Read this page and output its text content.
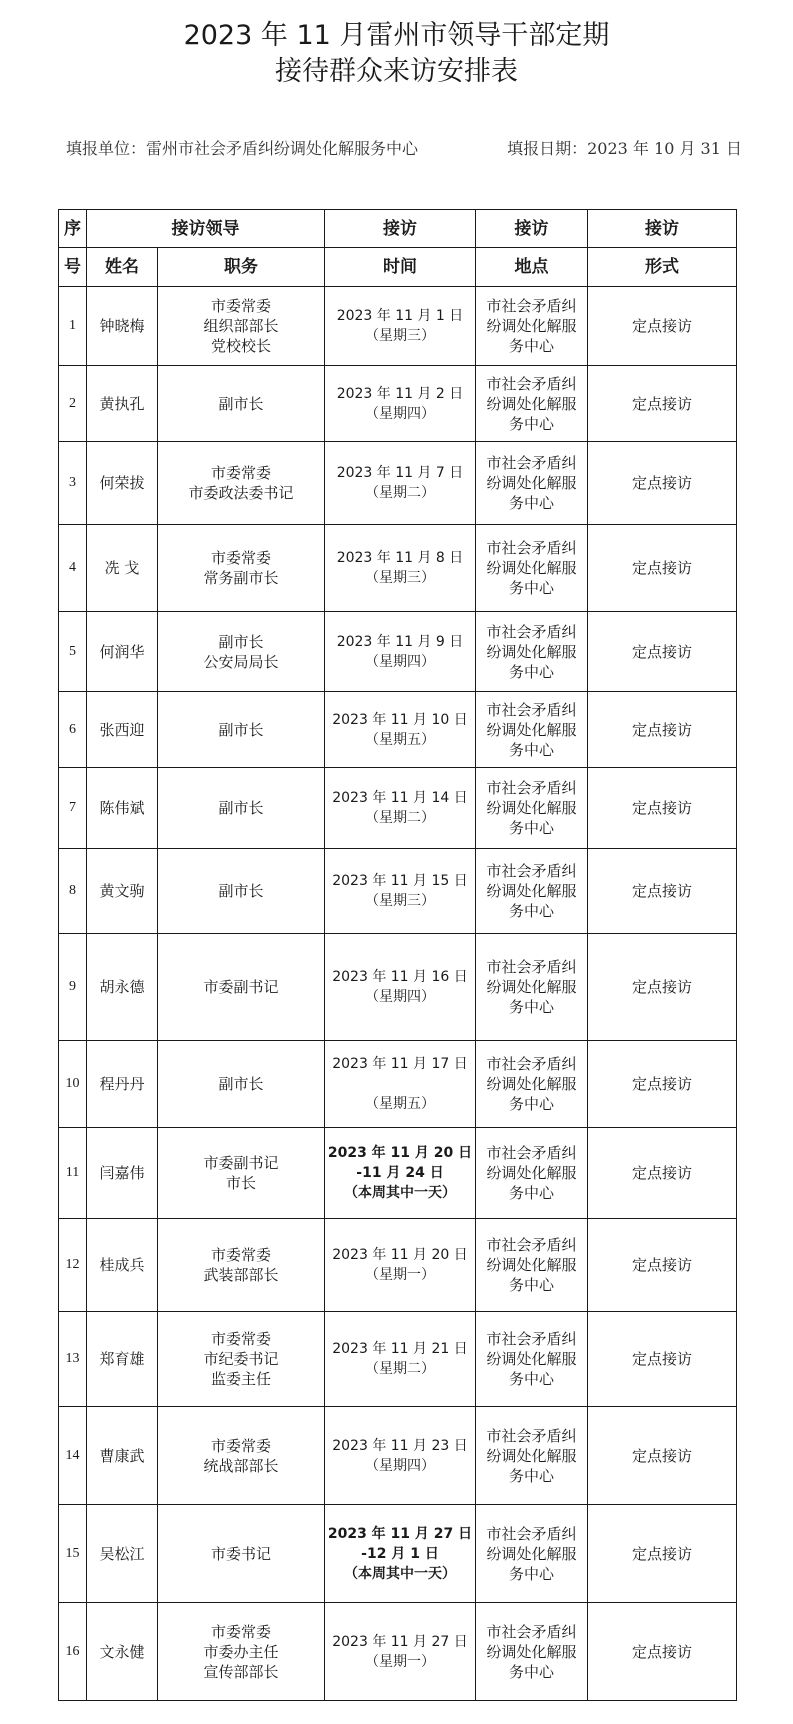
2023 年 11 月雷州市领导干部定期
接待群众来访安排表
填报单位：雷州市社会矛盾纠纷调处化解服务中心	填报日期：2023 年 10 月 31 日
序	接访领导		接访	接访	接访
号	姓名	职务	时间	地点	形式
1	钟晓梅	市委常委
组织部部长
党校校长	2023 年 11 月 1 日
（星期三）	市社会矛盾纠
纷调处化解服
务中心	定点接访
2	黄执孔	副市长	2023 年 11 月 2 日
（星期四）	市社会矛盾纠
纷调处化解服
务中心	定点接访
3	何荣拔	市委常委
市委政法委书记	2023 年 11 月 7 日
（星期二）	市社会矛盾纠
纷调处化解服
务中心	定点接访
4	冼 戈	市委常委
常务副市长	2023 年 11 月 8 日
（星期三）	市社会矛盾纠
纷调处化解服
务中心	定点接访
5	何润华	副市长
公安局局长	2023 年 11 月 9 日
（星期四）	市社会矛盾纠
纷调处化解服
务中心	定点接访
6	张西迎	副市长	2023 年 11 月 10 日
（星期五）	市社会矛盾纠
纷调处化解服
务中心	定点接访
7	陈伟斌	副市长	2023 年 11 月 14 日
（星期二）	市社会矛盾纠
纷调处化解服
务中心	定点接访
8	黄文驹	副市长	2023 年 11 月 15 日
（星期三）	市社会矛盾纠
纷调处化解服
务中心	定点接访
9	胡永德	市委副书记	2023 年 11 月 16 日
（星期四）	市社会矛盾纠
纷调处化解服
务中心	定点接访
10	程丹丹	副市长	2023 年 11 月 17 日

（星期五）	市社会矛盾纠
纷调处化解服
务中心	定点接访
11	闫嘉伟	市委副书记
市长	2023 年 11 月 20 日
-11 月 24 日
（本周其中一天）	市社会矛盾纠
纷调处化解服
务中心	定点接访
12	桂成兵	市委常委
武装部部长	2023 年 11 月 20 日
（星期一）	市社会矛盾纠
纷调处化解服
务中心	定点接访
13	郑育雄	市委常委
市纪委书记
监委主任	2023 年 11 月 21 日
（星期二）	市社会矛盾纠
纷调处化解服
务中心	定点接访
14	曹康武	市委常委
统战部部长	2023 年 11 月 23 日
（星期四）	市社会矛盾纠
纷调处化解服
务中心	定点接访
15	吴松江	市委书记	2023 年 11 月 27 日
-12 月 1 日
（本周其中一天）	市社会矛盾纠
纷调处化解服
务中心	定点接访
16	文永健	市委常委
市委办主任
宣传部部长	2023 年 11 月 27 日
（星期一）	市社会矛盾纠
纷调处化解服
务中心	定点接访
